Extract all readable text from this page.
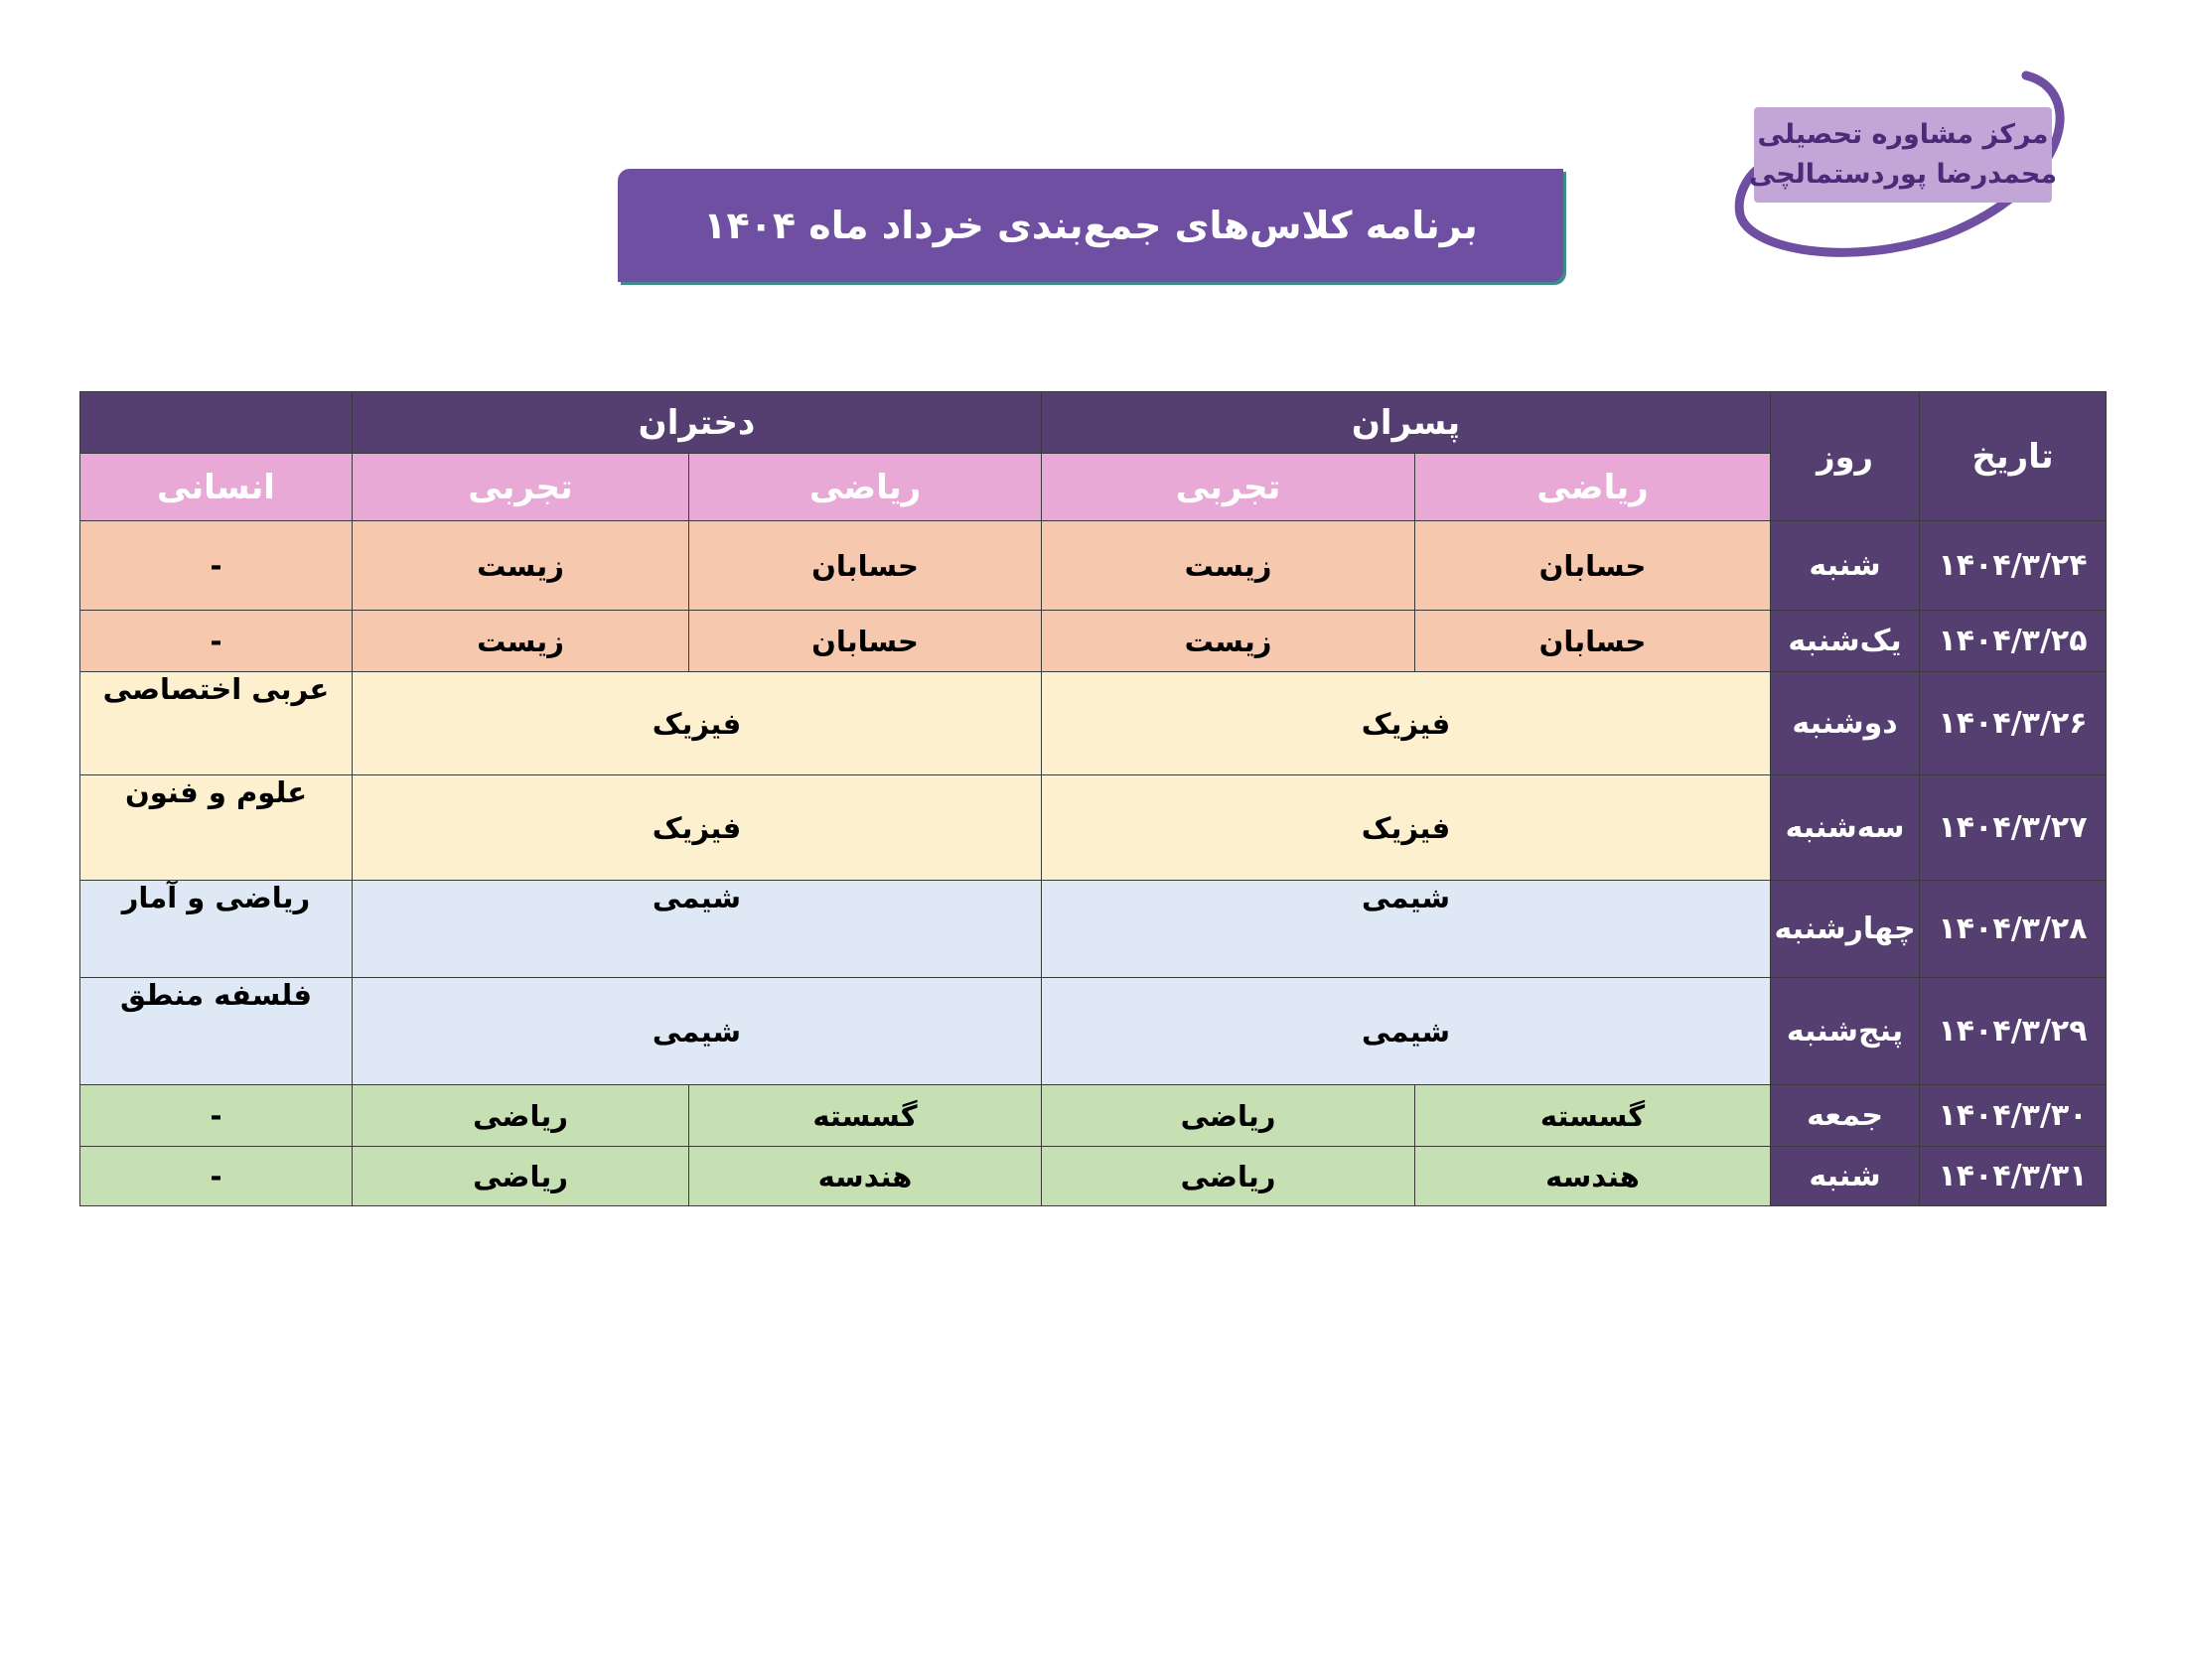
مرکز مشاوره تحصیلی
محمدرضا پوردستمالچی
برنامه کلاس‌های جمع‌بندی خرداد ماه ۱۴۰۴
تاریخ	روز	پسران		دختران		
		ریاضی	تجربی	ریاضی	تجربی	انسانی
۱۴۰۴/۳/۲۴	شنبه	حسابان	زیست	حسابان	زیست	-
۱۴۰۴/۳/۲۵	یک‌شنبه	حسابان	زیست	حسابان	زیست	-
۱۴۰۴/۳/۲۶	دوشنبه	فیزیک		فیزیک		عربی اختصاصی
۱۴۰۴/۳/۲۷	سه‌شنبه	فیزیک		فیزیک		علوم و فنون
۱۴۰۴/۳/۲۸	چهارشنبه	شیمی		شیمی		ریاضی و آمار
۱۴۰۴/۳/۲۹	پنج‌شنبه	شیمی		شیمی		فلسفه منطق
۱۴۰۴/۳/۳۰	جمعه	گسسته	ریاضی	گسسته	ریاضی	-
۱۴۰۴/۳/۳۱	شنبه	هندسه	ریاضی	هندسه	ریاضی	-
